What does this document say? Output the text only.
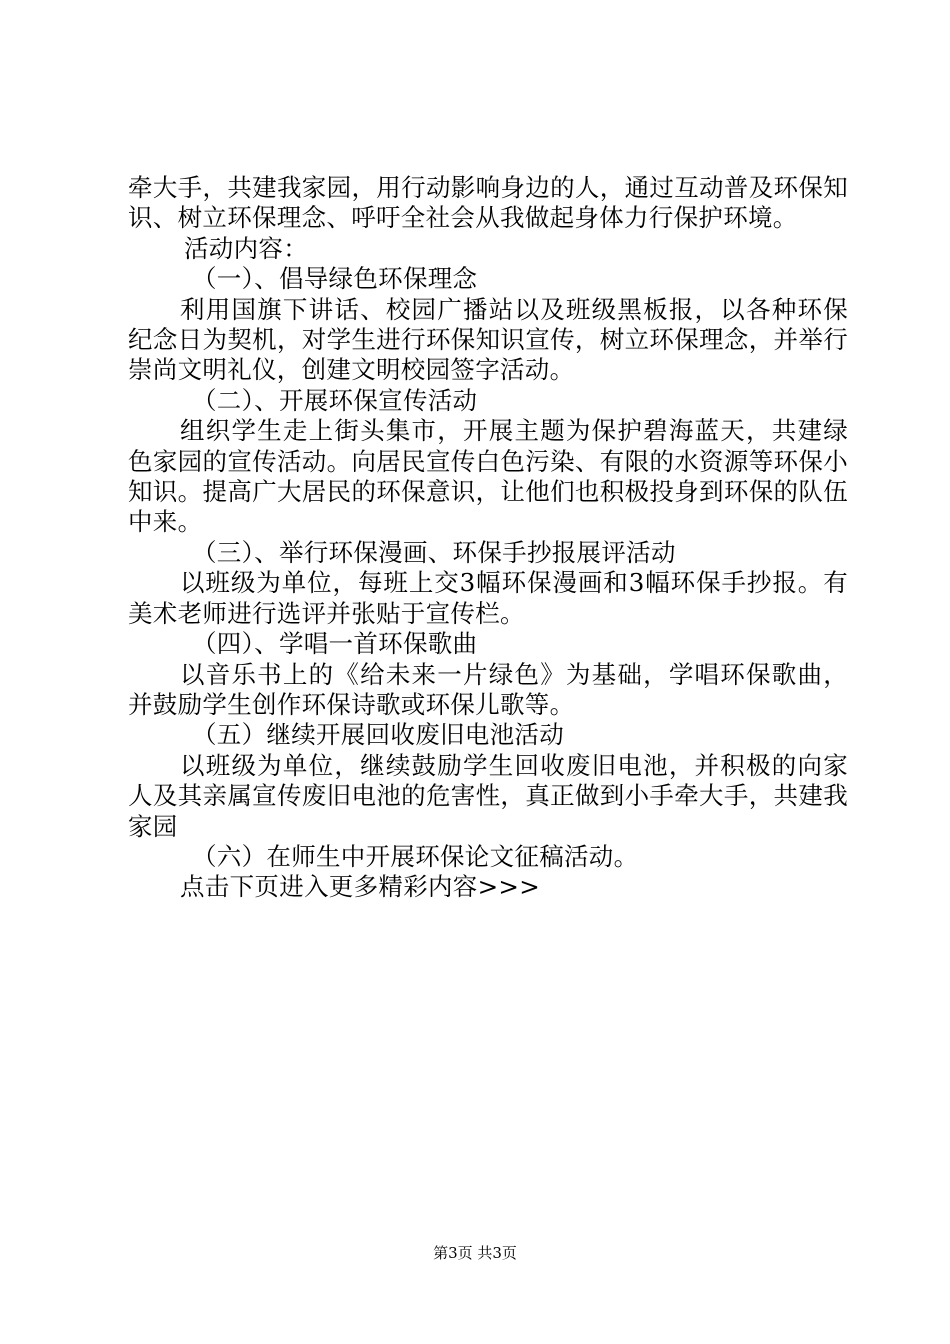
牵大手，共建我家园，用行动影响身边的人，通过互动普及环保知识、树立环保理念、呼吁全社会从我做起身体力行保护环境。

活动内容：

（一）、倡导绿色环保理念

利用国旗下讲话、校园广播站以及班级黑板报，以各种环保纪念日为契机，对学生进行环保知识宣传，树立环保理念，并举行崇尚文明礼仪，创建文明校园签字活动。

（二）、开展环保宣传活动

组织学生走上街头集市，开展主题为保护碧海蓝天，共建绿色家园的宣传活动。向居民宣传白色污染、有限的水资源等环保小知识。提高广大居民的环保意识，让他们也积极投身到环保的队伍中来。

（三）、举行环保漫画、环保手抄报展评活动

以班级为单位，每班上交3幅环保漫画和3幅环保手抄报。有美术老师进行选评并张贴于宣传栏。

（四）、学唱一首环保歌曲

以音乐书上的《给未来一片绿色》为基础，学唱环保歌曲，并鼓励学生创作环保诗歌或环保儿歌等。

（五）继续开展回收废旧电池活动

以班级为单位，继续鼓励学生回收废旧电池，并积极的向家人及其亲属宣传废旧电池的危害性，真正做到小手牵大手，共建我家园

（六）在师生中开展环保论文征稿活动。

点击下页进入更多精彩内容>>>

第3页 共3页
